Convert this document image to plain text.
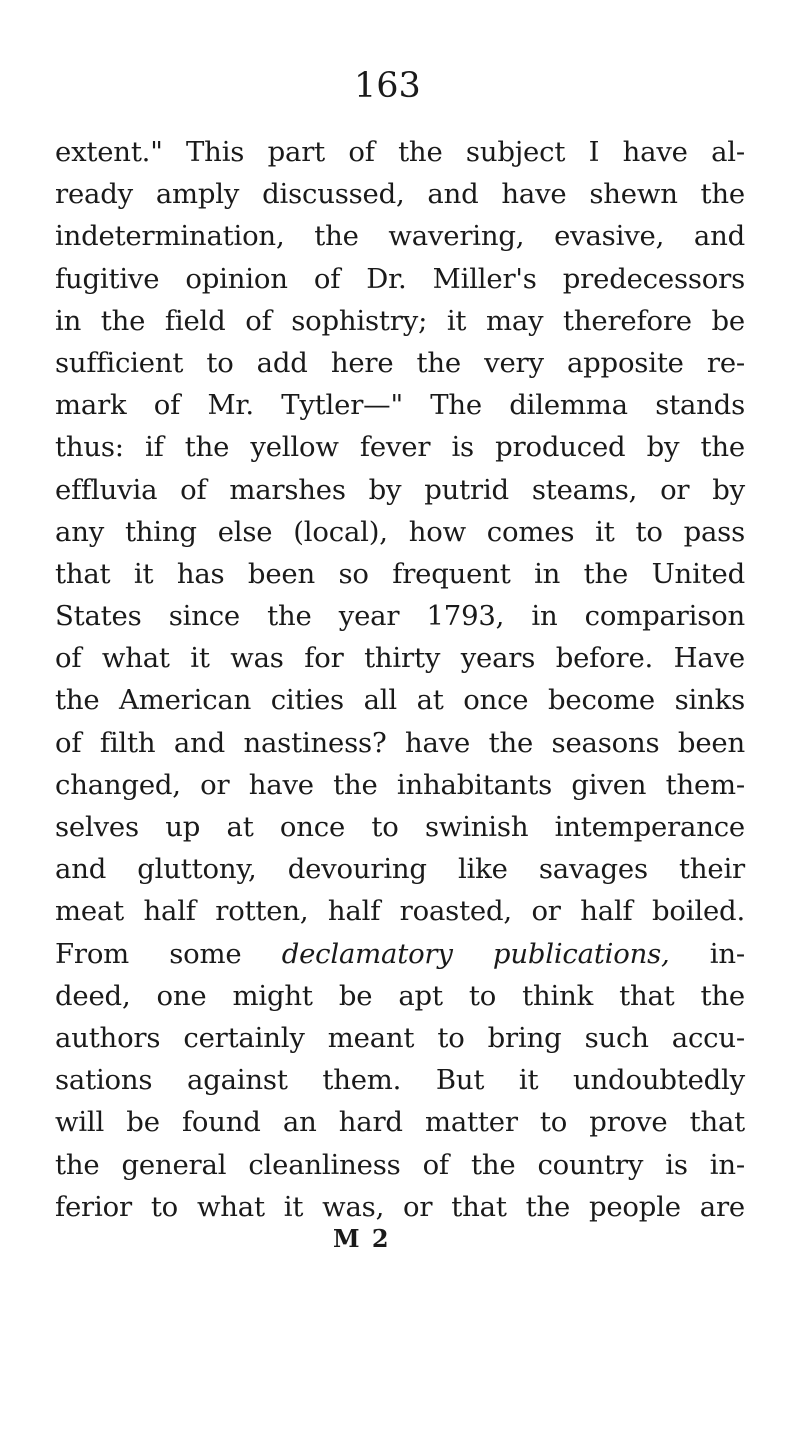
163
extent." This part of the subject I have al-
ready amply discussed, and have shewn the
indetermination, the wavering, evasive, and
fugitive opinion of Dr. Miller's predecessors
in the field of sophistry; it may therefore be
sufficient to add here the very apposite re-
mark of Mr. Tytler—" The dilemma stands
thus: if the yellow fever is produced by the
effluvia of marshes by putrid steams, or by
any thing else (local), how comes it to pass
that it has been so frequent in the United
States since the year 1793, in comparison
of what it was for thirty years before. Have
the American cities all at once become sinks
of filth and nastiness? have the seasons been
changed, or have the inhabitants given them-
selves up at once to swinish intemperance
and gluttony, devouring like savages their
meat half rotten, half roasted, or half boiled.
From some declamatory publications, in-
deed, one might be apt to think that the
authors certainly meant to bring such accu-
sations against them. But it undoubtedly
will be found an hard matter to prove that
the general cleanliness of the country is in-
ferior to what it was, or that the people are
M 2
